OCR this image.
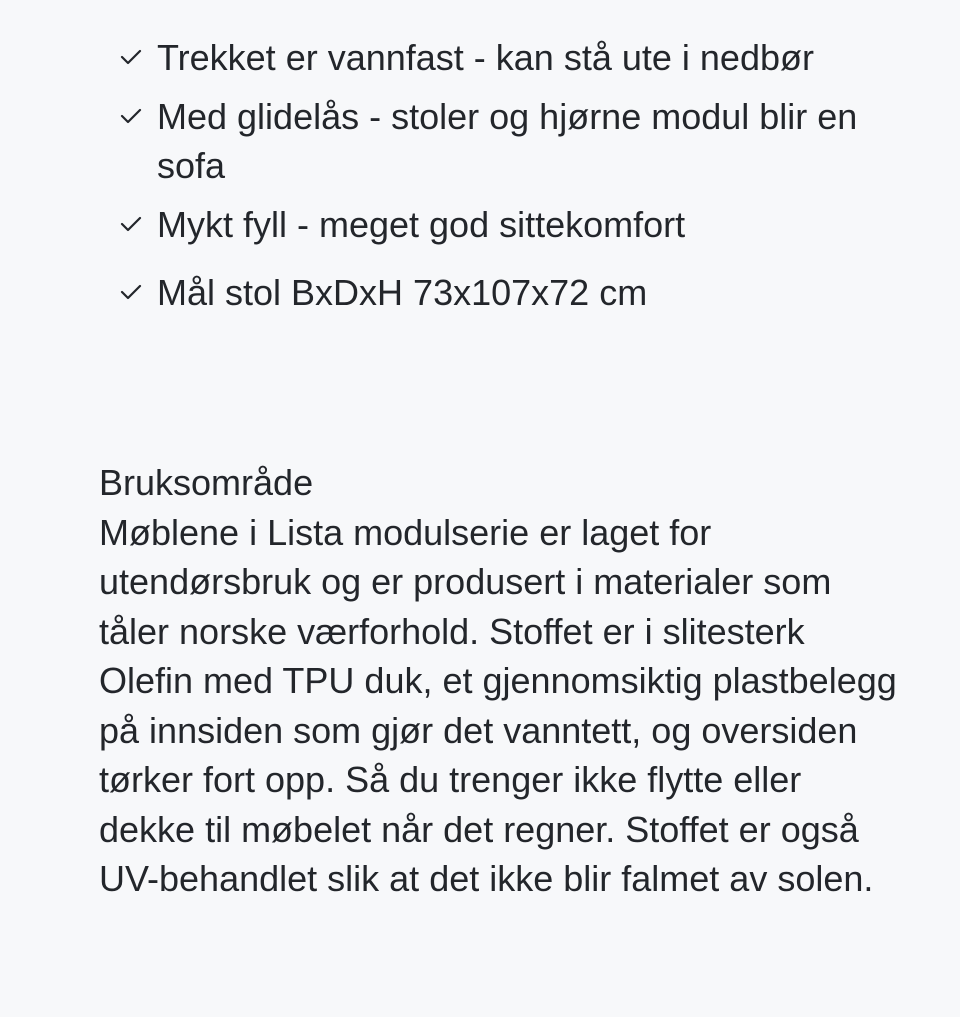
Trekket er vannfast - kan stå ute i nedbør
Med glidelås - stoler og hjørne modul blir en sofa
Mykt fyll - meget god sittekomfort
Mål stol BxDxH 73x107x72 cm

Bruksområde

Møblene i Lista modulserie er laget for utendørsbruk og er produsert i materialer som tåler norske værforhold. Stoffet er i slitesterk Olefin med TPU duk, et gjennomsiktig plastbelegg på innsiden som gjør det vanntett, og oversiden tørker fort opp. Så du trenger ikke flytte eller dekke til møbelet når det regner. Stoffet er også UV-behandlet slik at det ikke blir falmet av solen.
